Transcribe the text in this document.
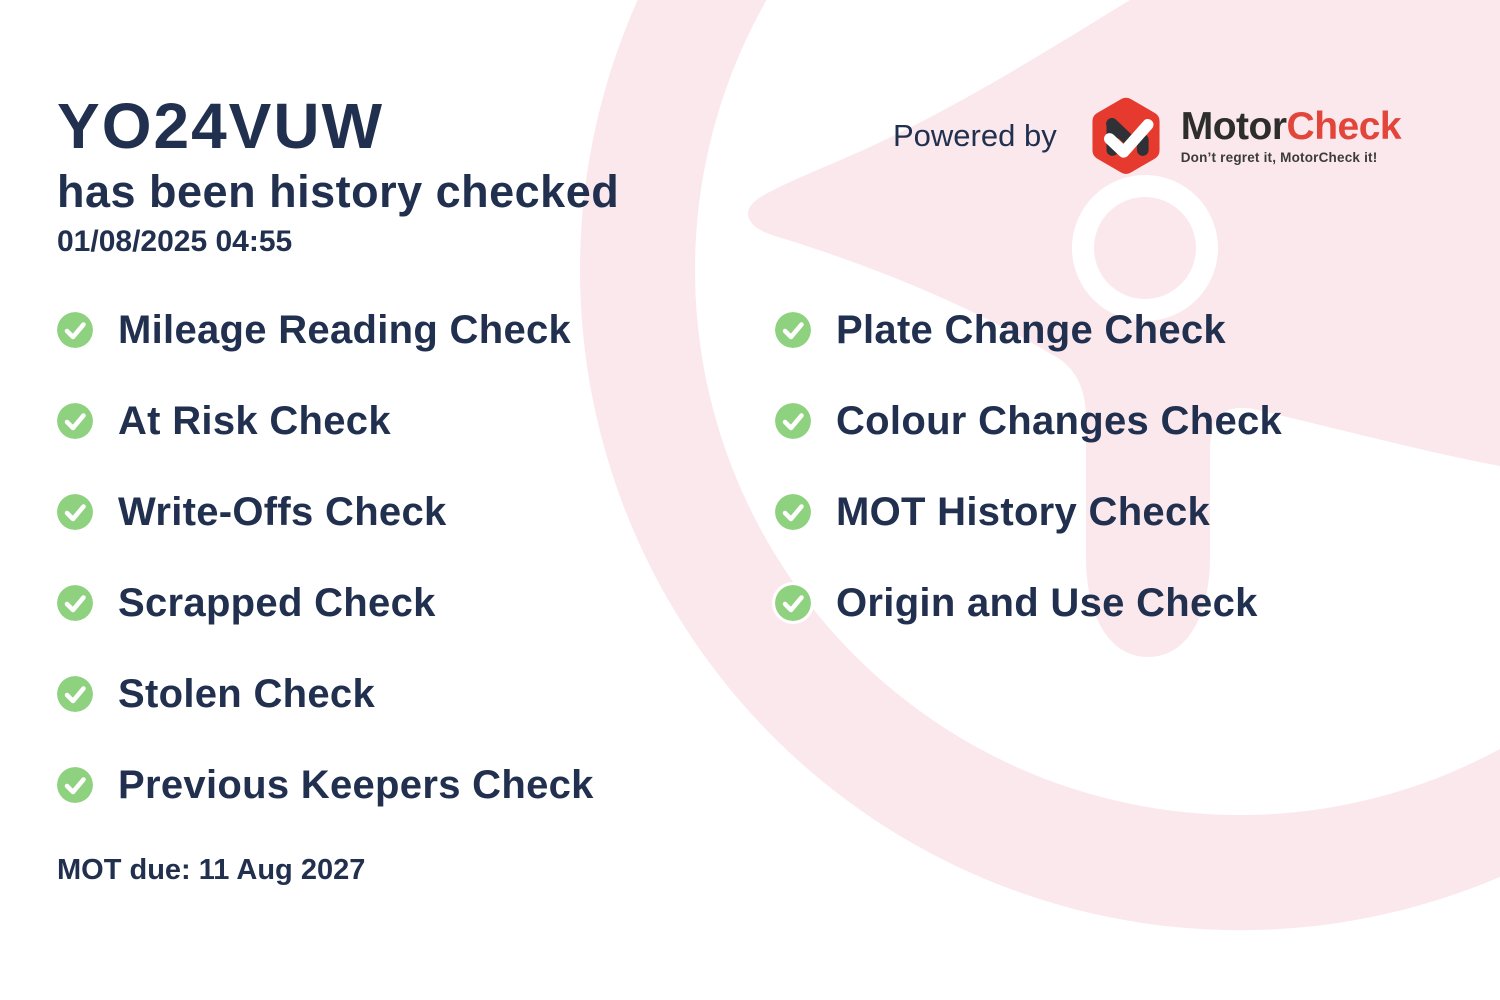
YO24VUW
has been history checked
01/08/2025 04:55
Powered by	MotorCheck
Don’t regret it, MotorCheck it!
Mileage Reading Check
At Risk Check
Write-Offs Check
Scrapped Check
Stolen Check
Previous Keepers Check
Plate Change Check
Colour Changes Check
MOT History Check
Origin and Use Check
MOT due: 11 Aug 2027
